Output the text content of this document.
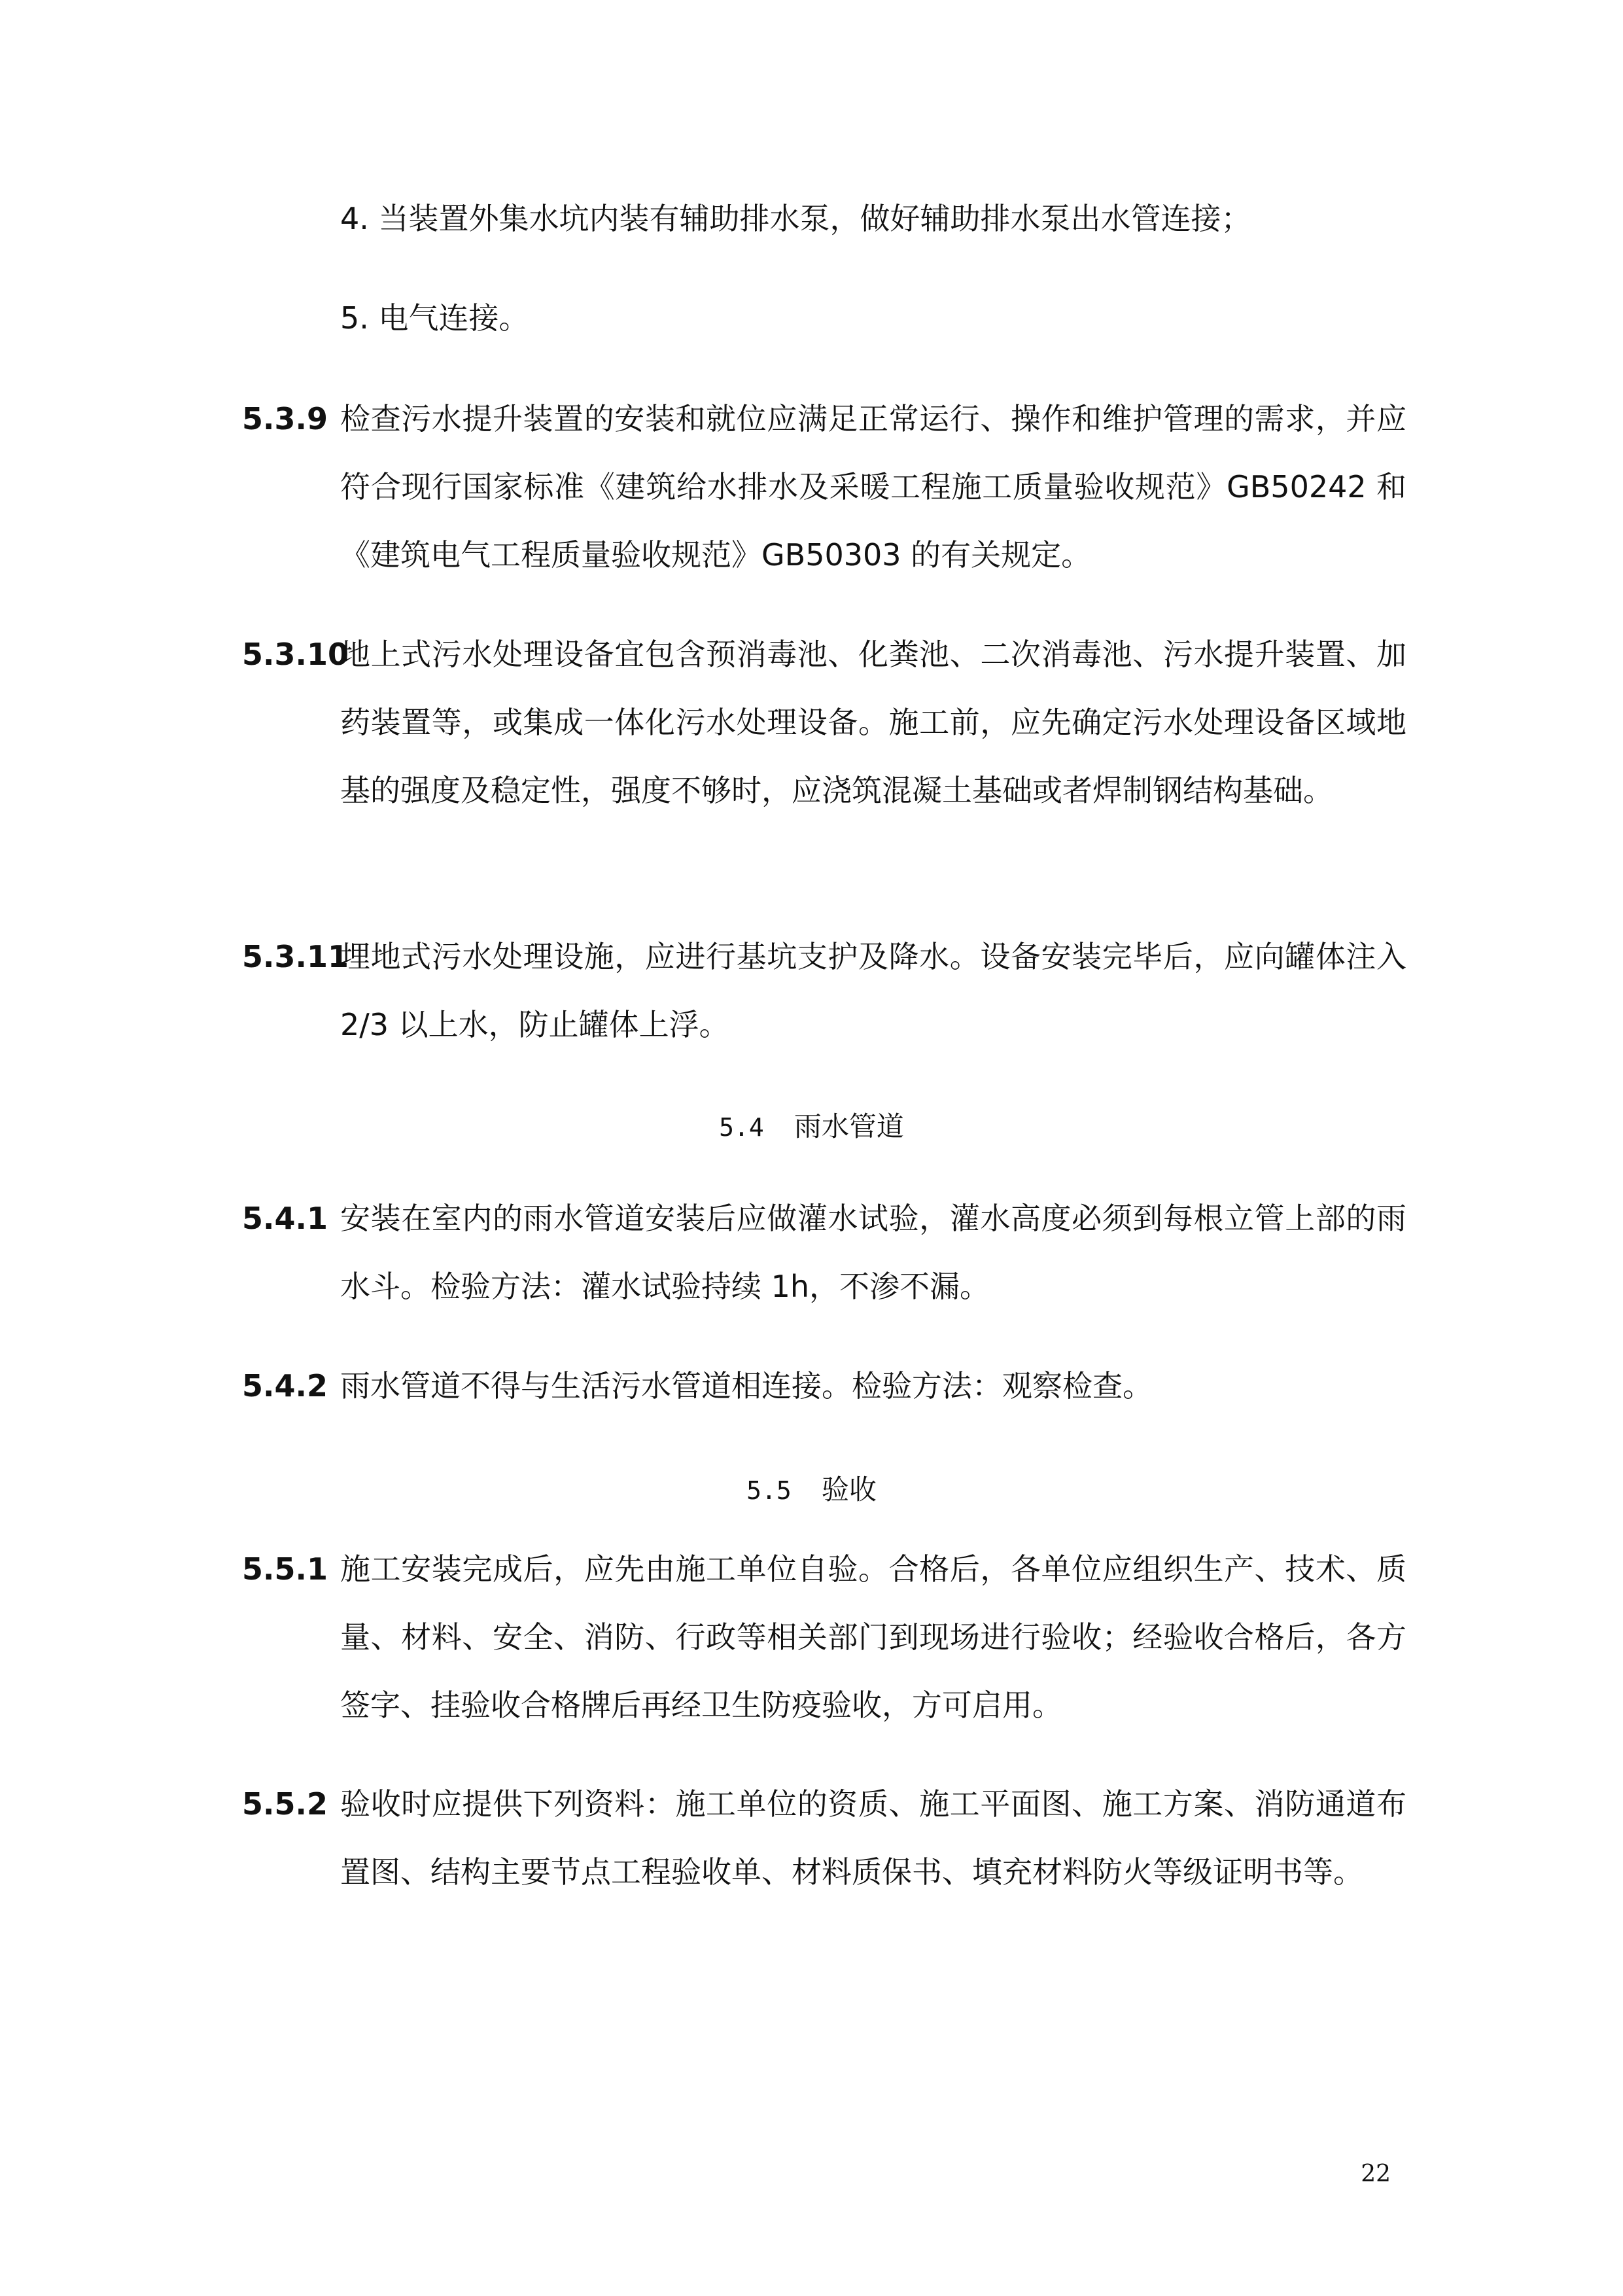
4. 当装置外集水坑内装有辅助排水泵，做好辅助排水泵出水管连接；
5. 电气连接。
5.3.9 检查污水提升装置的安装和就位应满足正常运行、操作和维护管理的需求，并应符合现行国家标准《建筑给水排水及采暖工程施工质量验收规范》GB50242 和《建筑电气工程质量验收规范》GB50303 的有关规定。
5.3.10
地上式污水处理设备宜包含预消毒池、化粪池、二次消毒池、污水提升装置、加药装置等，或集成一体化污水处理设备。施工前，应先确定污水处理设备区域地基的强度及稳定性，强度不够时，应浇筑混凝土基础或者焊制钢结构基础。
5.3.11
埋地式污水处理设施，应进行基坑支护及降水。设备安装完毕后，应向罐体注入 2/3 以上水，防止罐体上浮。
5.4 雨水管道
5.4.1 安装在室内的雨水管道安装后应做灌水试验，灌水高度必须到每根立管上部的雨水斗。检验方法：灌水试验持续 1h，不渗不漏。
5.4.2 雨水管道不得与生活污水管道相连接。检验方法：观察检查。
5.5 验收
5.5.1 施工安装完成后，应先由施工单位自验。合格后，各单位应组织生产、技术、质量、材料、安全、消防、行政等相关部门到现场进行验收；经验收合格后，各方签字、挂验收合格牌后再经卫生防疫验收，方可启用。
5.5.2 验收时应提供下列资料：施工单位的资质、施工平面图、施工方案、消防通道布置图、结构主要节点工程验收单、材料质保书、填充材料防火等级证明书等。
22
